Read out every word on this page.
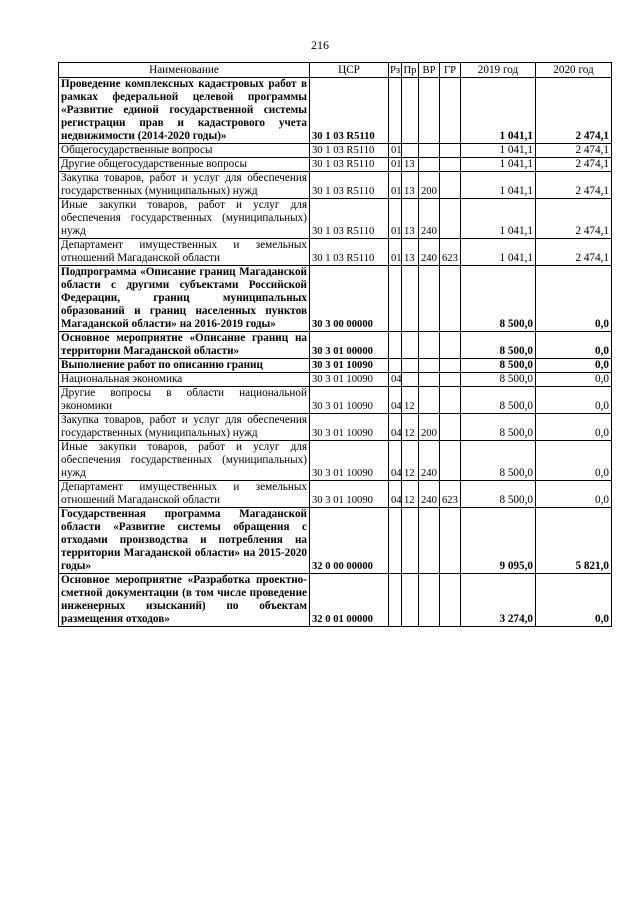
216
Наименование	ЦСР	Рз	Пр	ВР	ГР	2019 год	2020 год
Проведение комплексных кадастровых работ в рамках федеральной целевой программы «Развитие единой государственной системы регистрации прав и кадастрового учета недвижимости (2014-2020 годы)»	30 1 03 R5110					1 041,1	2 474,1
Общегосударственные вопросы	30 1 03 R5110	01				1 041,1	2 474,1
Другие общегосударственные вопросы	30 1 03 R5110	01	13			1 041,1	2 474,1
Закупка товаров, работ и услуг для обеспечения государственных (муниципальных) нужд	30 1 03 R5110	01	13	200		1 041,1	2 474,1
Иные закупки товаров, работ и услуг для обеспечения государственных (муниципальных) нужд	30 1 03 R5110	01	13	240		1 041,1	2 474,1
Департамент имущественных и земельных отношений Магаданской области	30 1 03 R5110	01	13	240	623	1 041,1	2 474,1
Подпрограмма «Описание границ Магаданской области с другими субъектами Российской Федерации, границ муниципальных образований и границ населенных пунктов Магаданской области» на 2016-2019 годы»	30 3 00 00000					8 500,0	0,0
Основное мероприятие «Описание границ на территории Магаданской области»	30 3 01 00000					8 500,0	0,0
Выполнение работ по описанию границ	30 3 01 10090					8 500,0	0,0
Национальная экономика	30 3 01 10090	04				8 500,0	0,0
Другие вопросы в области национальной экономики	30 3 01 10090	04	12			8 500,0	0,0
Закупка товаров, работ и услуг для обеспечения государственных (муниципальных) нужд	30 3 01 10090	04	12	200		8 500,0	0,0
Иные закупки товаров, работ и услуг для обеспечения государственных (муниципальных) нужд	30 3 01 10090	04	12	240		8 500,0	0,0
Департамент имущественных и земельных отношений Магаданской области	30 3 01 10090	04	12	240	623	8 500,0	0,0
Государственная программа Магаданской области «Развитие системы обращения с отходами производства и потребления на территории Магаданской области» на 2015-2020 годы»	32 0 00 00000					9 095,0	5 821,0
Основное мероприятие «Разработка проектно-сметной документации (в том числе проведение инженерных изысканий) по объектам размещения отходов»	32 0 01 00000					3 274,0	0,0
